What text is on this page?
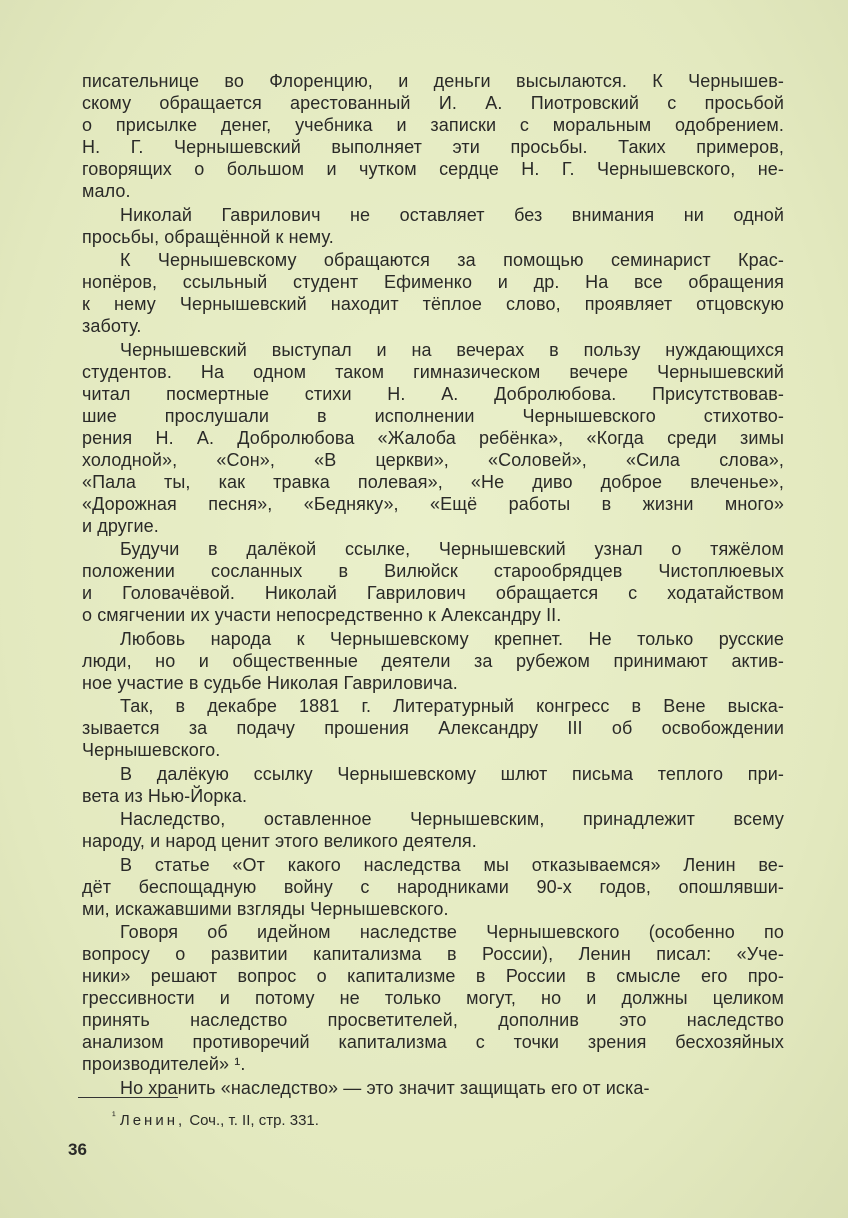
писательнице во Флоренцию, и деньги высылаются. К Чернышев-
скому обращается арестованный И. А. Пиотровский с просьбой
о присылке денег, учебника и записки с моральным одобрением.
Н. Г. Чернышевский выполняет эти просьбы. Таких примеров,
говорящих о большом и чутком сердце Н. Г. Чернышевского, не-
мало.
Николай Гаврилович не оставляет без внимания ни одной
просьбы, обращённой к нему.
К Чернышевскому обращаются за помощью семинарист Крас-
нопёров, ссыльный студент Ефименко и др. На все обращения
к нему Чернышевский находит тёплое слово, проявляет отцовскую
заботу.
Чернышевский выступал и на вечерах в пользу нуждающихся
студентов. На одном таком гимназическом вечере Чернышевский
читал посмертные стихи Н. А. Добролюбова. Присутствовав-
шие прослушали в исполнении Чернышевского стихотво-
рения Н. А. Добролюбова «Жалоба ребёнка», «Когда среди зимы
холодной», «Сон», «В церкви», «Соловей», «Сила слова»,
«Пала ты, как травка полевая», «Не диво доброе влеченье»,
«Дорожная песня», «Бедняку», «Ещё работы в жизни много»
и другие.
Будучи в далёкой ссылке, Чернышевский узнал о тяжёлом
положении сосланных в Вилюйск старообрядцев Чистоплюевых
и Головачёвой. Николай Гаврилович обращается с ходатайством
о смягчении их участи непосредственно к Александру II.
Любовь народа к Чернышевскому крепнет. Не только русские
люди, но и общественные деятели за рубежом принимают актив-
ное участие в судьбе Николая Гавриловича.
Так, в декабре 1881 г. Литературный конгресс в Вене выска-
зывается за подачу прошения Александру III об освобождении
Чернышевского.
В далёкую ссылку Чернышевскому шлют письма теплого при-
вета из Нью-Йорка.
Наследство, оставленное Чернышевским, принадлежит всему
народу, и народ ценит этого великого деятеля.
В статье «От какого наследства мы отказываемся» Ленин ве-
дёт беспощадную войну с народниками 90-х годов, опошлявши-
ми, искажавшими взгляды Чернышевского.
Говоря об идейном наследстве Чернышевского (особенно по
вопросу о развитии капитализма в России), Ленин писал: «Уче-
ники» решают вопрос о капитализме в России в смысле его про-
грессивности и потому не только могут, но и должны целиком
принять наследство просветителей, дополнив это наследство
анализом противоречий капитализма с точки зрения бесхозяйных
производителей» ¹.
Но хранить «наследство» — это значит защищать его от иска-
$^{^1}$ Ленин, Соч., т. II, стр. 331.
36
